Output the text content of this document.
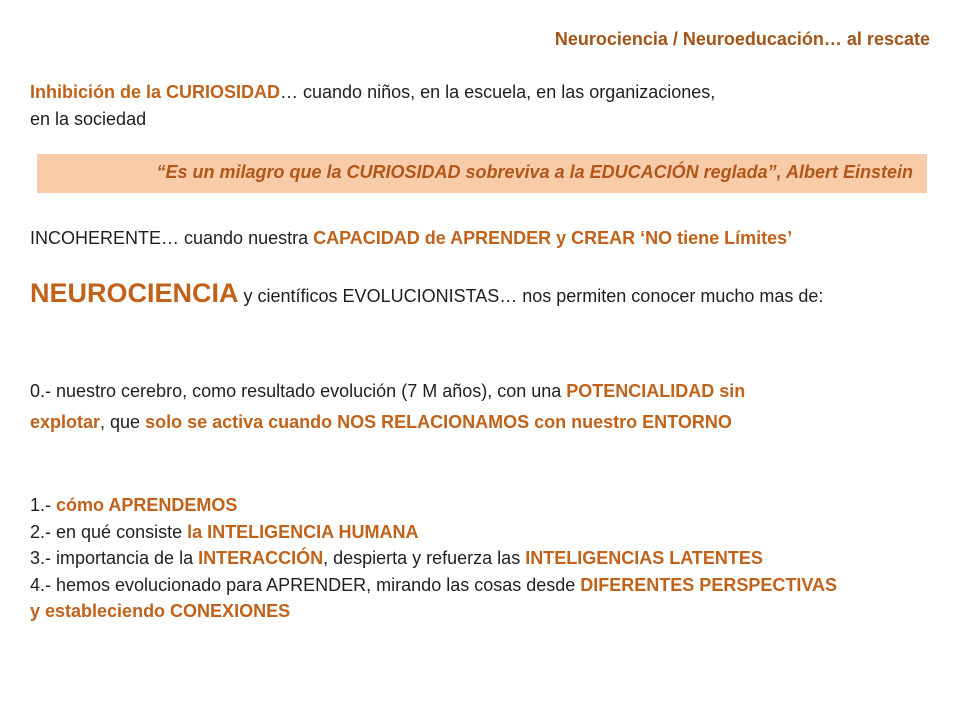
Neurociencia / Neuroeducación… al rescate
Inhibición de la CURIOSIDAD… cuando niños, en la escuela, en las organizaciones,
en la sociedad
“Es un milagro que la CURIOSIDAD sobreviva a la EDUCACIÓN reglada”, Albert Einstein
INCOHERENTE… cuando nuestra CAPACIDAD de APRENDER y CREAR ‘NO tiene Límites’
NEUROCIENCIA y científicos EVOLUCIONISTAS… nos permiten conocer mucho mas de:
0.- nuestro cerebro, como resultado evolución (7 M años), con una POTENCIALIDAD sin
explotar, que solo se activa cuando NOS RELACIONAMOS con nuestro ENTORNO
1.- cómo APRENDEMOS
2.- en qué consiste la INTELIGENCIA HUMANA
3.- importancia de la INTERACCIÓN, despierta y refuerza las INTELIGENCIAS LATENTES
4.- hemos evolucionado para APRENDER, mirando las cosas desde DIFERENTES PERSPECTIVAS
y estableciendo CONEXIONES
